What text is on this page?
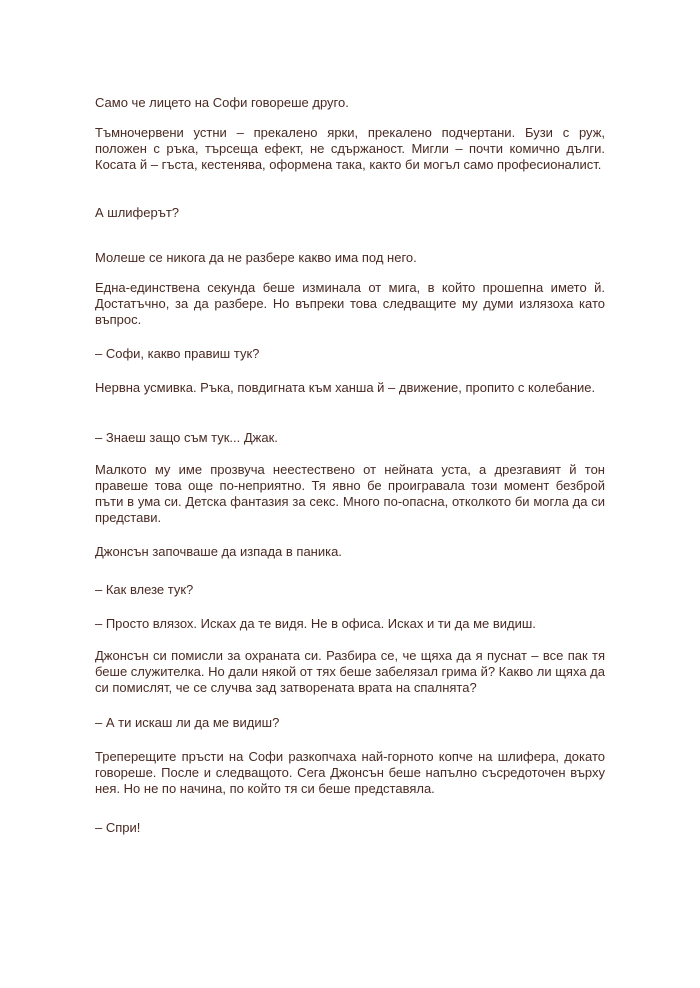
Само че лицето на Софи говореше друго.

Тъмночервени устни – прекалено ярки, прекалено подчертани. Бузи с руж, положен с ръка, търсеща ефект, не сдържаност. Мигли – почти комично дълги. Косата й – гъста, кестенява, оформена така, както би могъл само професионалист.

А шлиферът?

Молеше се никога да не разбере какво има под него.

Една-единствена секунда беше изминала от мига, в който прошепна името й. Достатъчно, за да разбере. Но въпреки това следващите му думи излязоха като въпрос.

– Софи, какво правиш тук?

Нервна усмивка. Ръка, повдигната към ханша й – движение, пропито с колебание.

– Знаеш защо съм тук... Джак.

Малкото му име прозвуча неестествено от нейната уста, а дрезгавият й тон правеше това още по-неприятно. Тя явно бе проигравала този момент безброй пъти в ума си. Детска фантазия за секс. Много по-опасна, отколкото би могла да си представи.

Джонсън започваше да изпада в паника.

– Как влезе тук?

– Просто влязох. Исках да те видя. Не в офиса. Исках и ти да ме видиш.

Джонсън си помисли за охраната си. Разбира се, че щяха да я пуснат – все пак тя беше служителка. Но дали някой от тях беше забелязал грима й? Какво ли щяха да си помислят, че се случва зад затворената врата на спалнята?

– А ти искаш ли да ме видиш?

Треперещите пръсти на Софи разкопчаха най-горното копче на шлифера, докато говореше. После и следващото. Сега Джонсън беше напълно съсредоточен върху нея. Но не по начина, по който тя си беше представяла.

– Спри!
